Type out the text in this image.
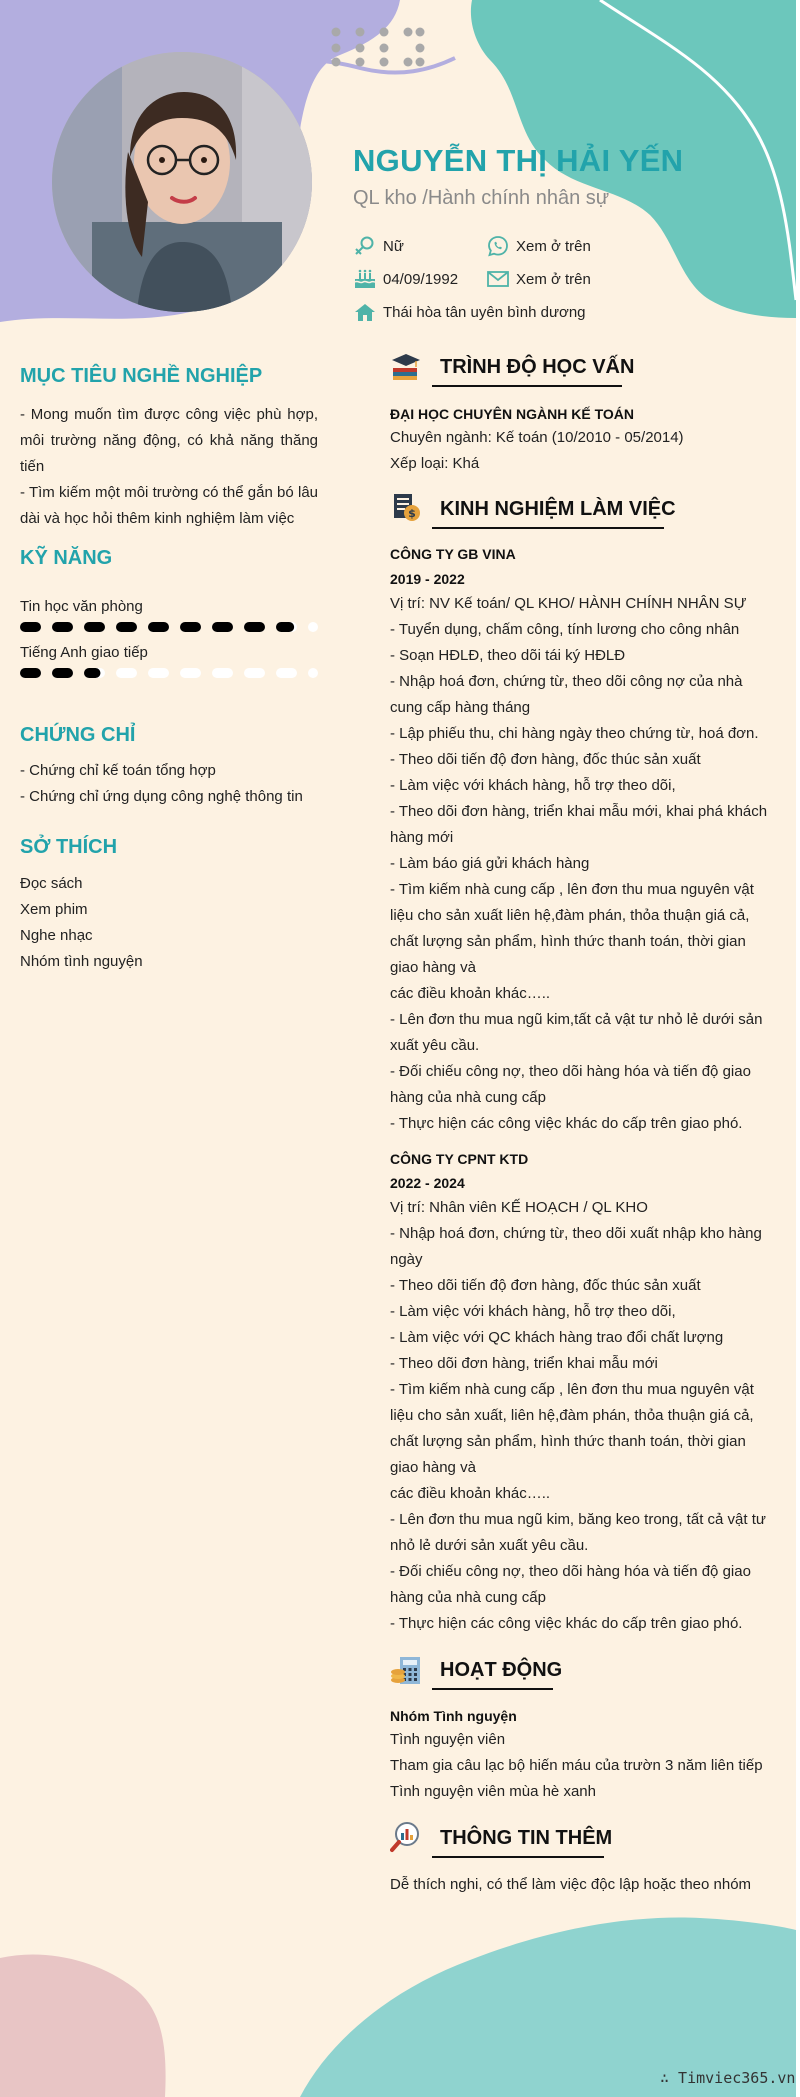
NGUYỄN THỊ HẢI YẾN
QL kho /Hành chính nhân sự
Nữ
04/09/1992
Thái hòa tân uyên bình dương
Xem ở trên
Xem ở trên
MỤC TIÊU NGHỀ NGHIỆP
- Mong muốn tìm được công việc phù hợp, môi trường năng động, có khả năng thăng tiến
- Tìm kiếm một môi trường có thể gắn bó lâu dài và học hỏi thêm kinh nghiệm làm việc
KỸ NĂNG
Tin học văn phòng
Tiếng Anh giao tiếp
CHỨNG CHỈ
- Chứng chỉ kế toán tổng hợp
- Chứng chỉ ứng dụng công nghệ thông tin
SỞ THÍCH
Đọc sách
Xem phim
Nghe nhạc
Nhóm tình nguyện
TRÌNH ĐỘ HỌC VẤN
ĐẠI HỌC CHUYÊN NGÀNH KẾ TOÁN
Chuyên ngành: Kế toán (10/2010 - 05/2014)
Xếp loại: Khá
$ KINH NGHIỆM LÀM VIỆC
CÔNG TY GB VINA
2019 - 2022
Vị trí: NV Kế toán/ QL KHO/ HÀNH CHÍNH NHÂN SỰ
- Tuyển dụng, chấm công, tính lương cho công nhân
- Soạn HĐLĐ, theo dõi tái ký HĐLĐ
- Nhập hoá đơn, chứng từ, theo dõi công nợ của nhà cung cấp hàng tháng
- Lập phiếu thu, chi hàng ngày theo chứng từ, hoá đơn.
- Theo dõi tiến độ đơn hàng, đốc thúc sản xuất
- Làm việc với khách hàng, hỗ trợ theo dõi,
- Theo dõi đơn hàng, triển khai mẫu mới, khai phá khách hàng mới
- Làm báo giá gửi khách hàng
- Tìm kiếm nhà cung cấp , lên đơn thu mua nguyên vật liệu cho sản xuất liên hệ,đàm phán, thỏa thuận giá cả, chất lượng sản phẩm, hình thức thanh toán, thời gian giao hàng và
các điều khoản khác…..
- Lên đơn thu mua ngũ kim,tất cả vật tư nhỏ lẻ dưới sản xuất yêu cầu.
- Đối chiếu công nợ, theo dõi hàng hóa và tiến độ giao hàng của nhà cung cấp
- Thực hiện các công việc khác do cấp trên giao phó.
CÔNG TY CPNT KTD
2022 - 2024
Vị trí: Nhân viên KẾ HOẠCH / QL KHO
- Nhập hoá đơn, chứng từ, theo dõi xuất nhập kho hàng ngày
- Theo dõi tiến độ đơn hàng, đốc thúc sản xuất
- Làm việc với khách hàng, hỗ trợ theo dõi,
- Làm việc với QC khách hàng trao đổi chất lượng
- Theo dõi đơn hàng, triển khai mẫu mới
- Tìm kiếm nhà cung cấp , lên đơn thu mua nguyên vật liệu cho sản xuất, liên hệ,đàm phán, thỏa thuận giá cả, chất lượng sản phẩm, hình thức thanh toán, thời gian giao hàng và
các điều khoản khác…..
- Lên đơn thu mua ngũ kim, băng keo trong, tất cả vật tư nhỏ lẻ dưới sản xuất yêu cầu.
- Đối chiếu công nợ, theo dõi hàng hóa và tiến độ giao hàng của nhà cung cấp
- Thực hiện các công việc khác do cấp trên giao phó.
HOẠT ĐỘNG
Nhóm Tình nguyện
Tình nguyện viên
Tham gia câu lạc bộ hiến máu của trườn 3 năm liên tiếp
Tình nguyện viên mùa hè xanh
THÔNG TIN THÊM
Dễ thích nghi, có thể làm việc độc lập hoặc theo nhóm
∴ Timviec365.vn
